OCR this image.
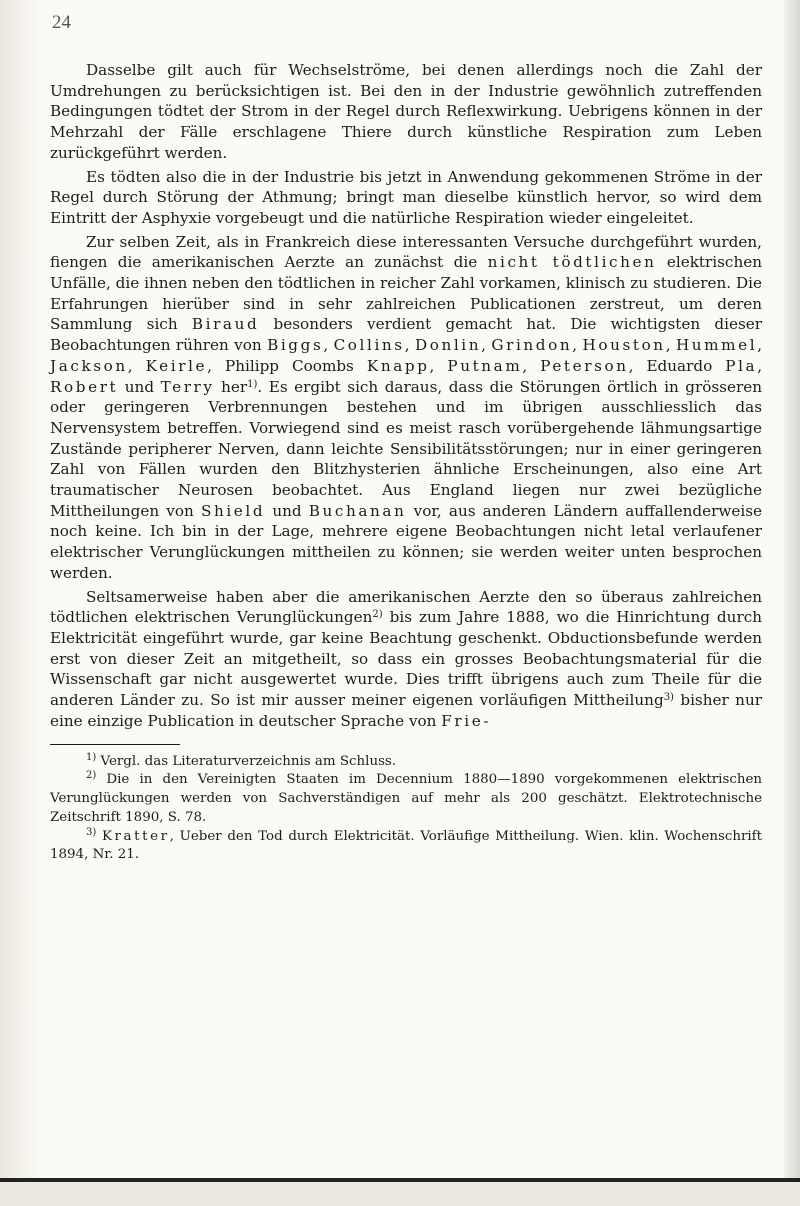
24

Dasselbe gilt auch für Wechselströme, bei denen allerdings noch die Zahl der Umdrehungen zu berücksichtigen ist. Bei den in der Industrie gewöhnlich zutreffenden Bedingungen tödtet der Strom in der Regel durch Reflexwirkung. Uebrigens können in der Mehrzahl der Fälle erschlagene Thiere durch künstliche Respiration zum Leben zurückgeführt werden.

Es tödten also die in der Industrie bis jetzt in Anwendung gekommenen Ströme in der Regel durch Störung der Athmung; bringt man dieselbe künstlich hervor, so wird dem Eintritt der Asphyxie vorgebeugt und die natürliche Respiration wieder eingeleitet.

Zur selben Zeit, als in Frankreich diese interessanten Versuche durchgeführt wurden, fiengen die amerikanischen Aerzte an zunächst die nicht tödtlichen elektrischen Unfälle, die ihnen neben den tödtlichen in reicher Zahl vorkamen, klinisch zu studieren. Die Erfahrungen hierüber sind in sehr zahlreichen Publicationen zerstreut, um deren Sammlung sich Biraud besonders verdient gemacht hat. Die wichtigsten dieser Beobachtungen rühren von Biggs, Collins, Donlin, Grindon, Houston, Hummel, Jackson, Keirle, Philipp Coombs Knapp, Putnam, Peterson, Eduardo Pla, Robert und Terry her$^{1)}$. Es ergibt sich daraus, dass die Störungen örtlich in grösseren oder geringeren Verbrennungen bestehen und im übrigen ausschliesslich das Nervensystem betreffen. Vorwiegend sind es meist rasch vorübergehende lähmungsartige Zustände peripherer Nerven, dann leichte Sensibilitätsstörungen; nur in einer geringeren Zahl von Fällen wurden den Blitzhysterien ähnliche Erscheinungen, also eine Art traumatischer Neurosen beobachtet. Aus England liegen nur zwei bezügliche Mittheilungen von Shield und Buchanan vor, aus anderen Ländern auffallenderweise noch keine. Ich bin in der Lage, mehrere eigene Beobachtungen nicht letal verlaufener elektrischer Verunglückungen mittheilen zu können; sie werden weiter unten besprochen werden.

Seltsamerweise haben aber die amerikanischen Aerzte den so überaus zahlreichen tödtlichen elektrischen Verunglückungen$^{2)}$ bis zum Jahre 1888, wo die Hinrichtung durch Elektricität eingeführt wurde, gar keine Beachtung geschenkt. Obductionsbefunde werden erst von dieser Zeit an mitgetheilt, so dass ein grosses Beobachtungsmaterial für die Wissenschaft gar nicht ausgewertet wurde. Dies trifft übrigens auch zum Theile für die anderen Länder zu. So ist mir ausser meiner eigenen vorläufigen Mittheilung$^{3)}$ bisher nur eine einzige Publication in deutscher Sprache von Frie-

$^{1)}$ Vergl. das Literaturverzeichnis am Schluss.

$^{2)}$ Die in den Vereinigten Staaten im Decennium 1880—1890 vorgekommenen elektrischen Verunglückungen werden von Sachverständigen auf mehr als 200 geschätzt. Elektrotechnische Zeitschrift 1890, S. 78.

$^{3)}$ Kratter, Ueber den Tod durch Elektricität. Vorläufige Mittheilung. Wien. klin. Wochenschrift 1894, Nr. 21.
